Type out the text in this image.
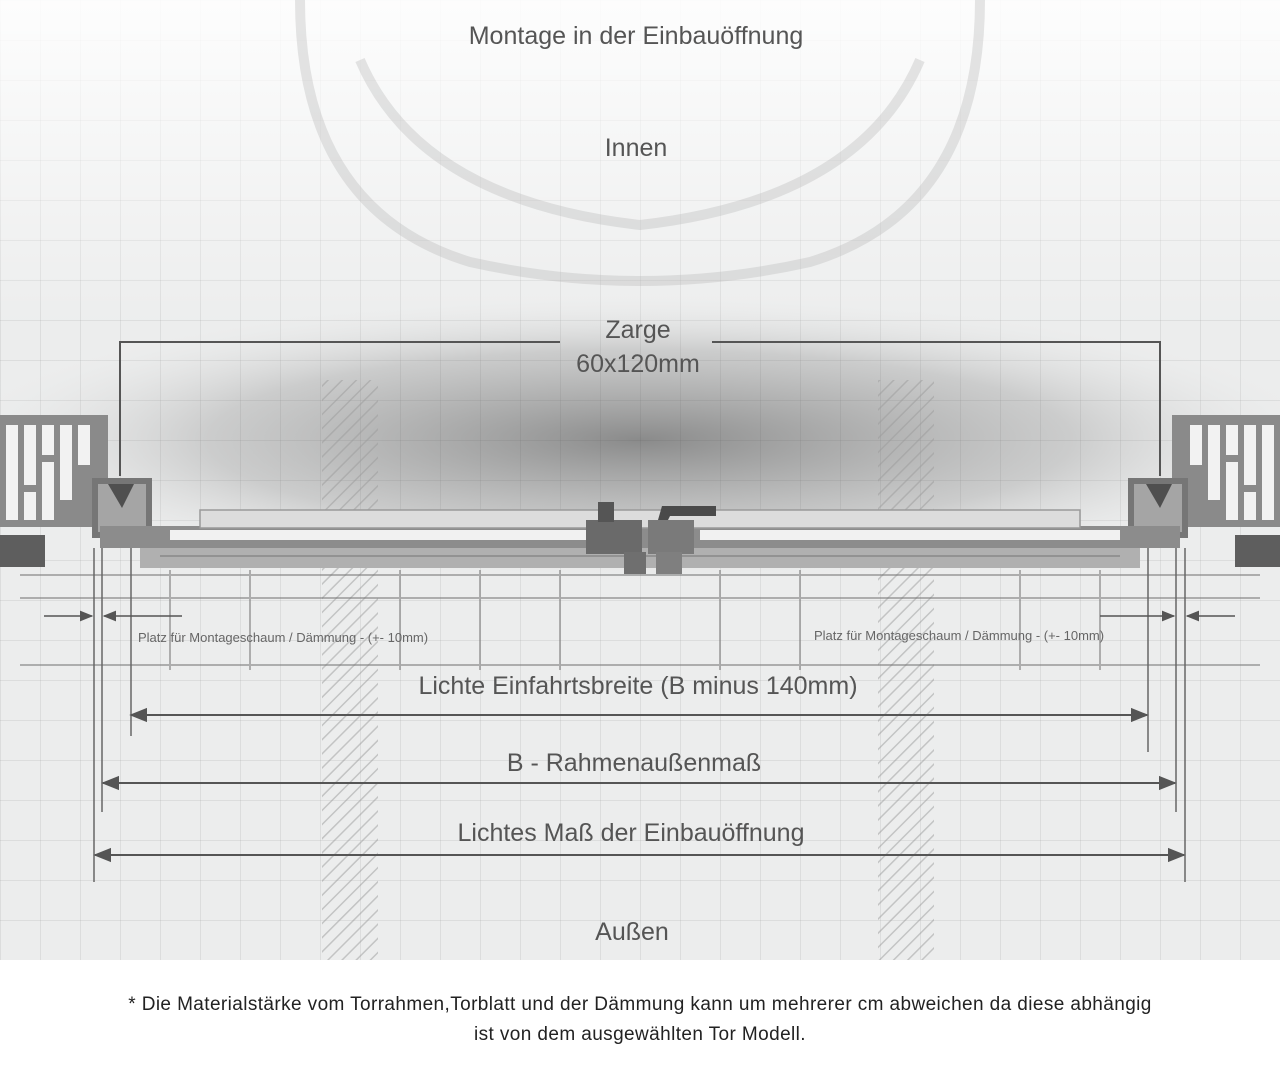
Montage in der Einbauöffnung
Innen
Zarge
60x120mm
Platz für Montageschaum / Dämmung - (+- 10mm)	Platz für Montageschaum / Dämmung - (+- 10mm)
Lichte Einfahrtsbreite (B minus 140mm)
B - Rahmenaußenmaß
Lichtes Maß der Einbauöffnung
Außen
* Die Materialstärke vom Torrahmen,Torblatt und der Dämmung kann um mehrerer cm abweichen da diese abhängig
ist von dem ausgewählten Tor Modell.
